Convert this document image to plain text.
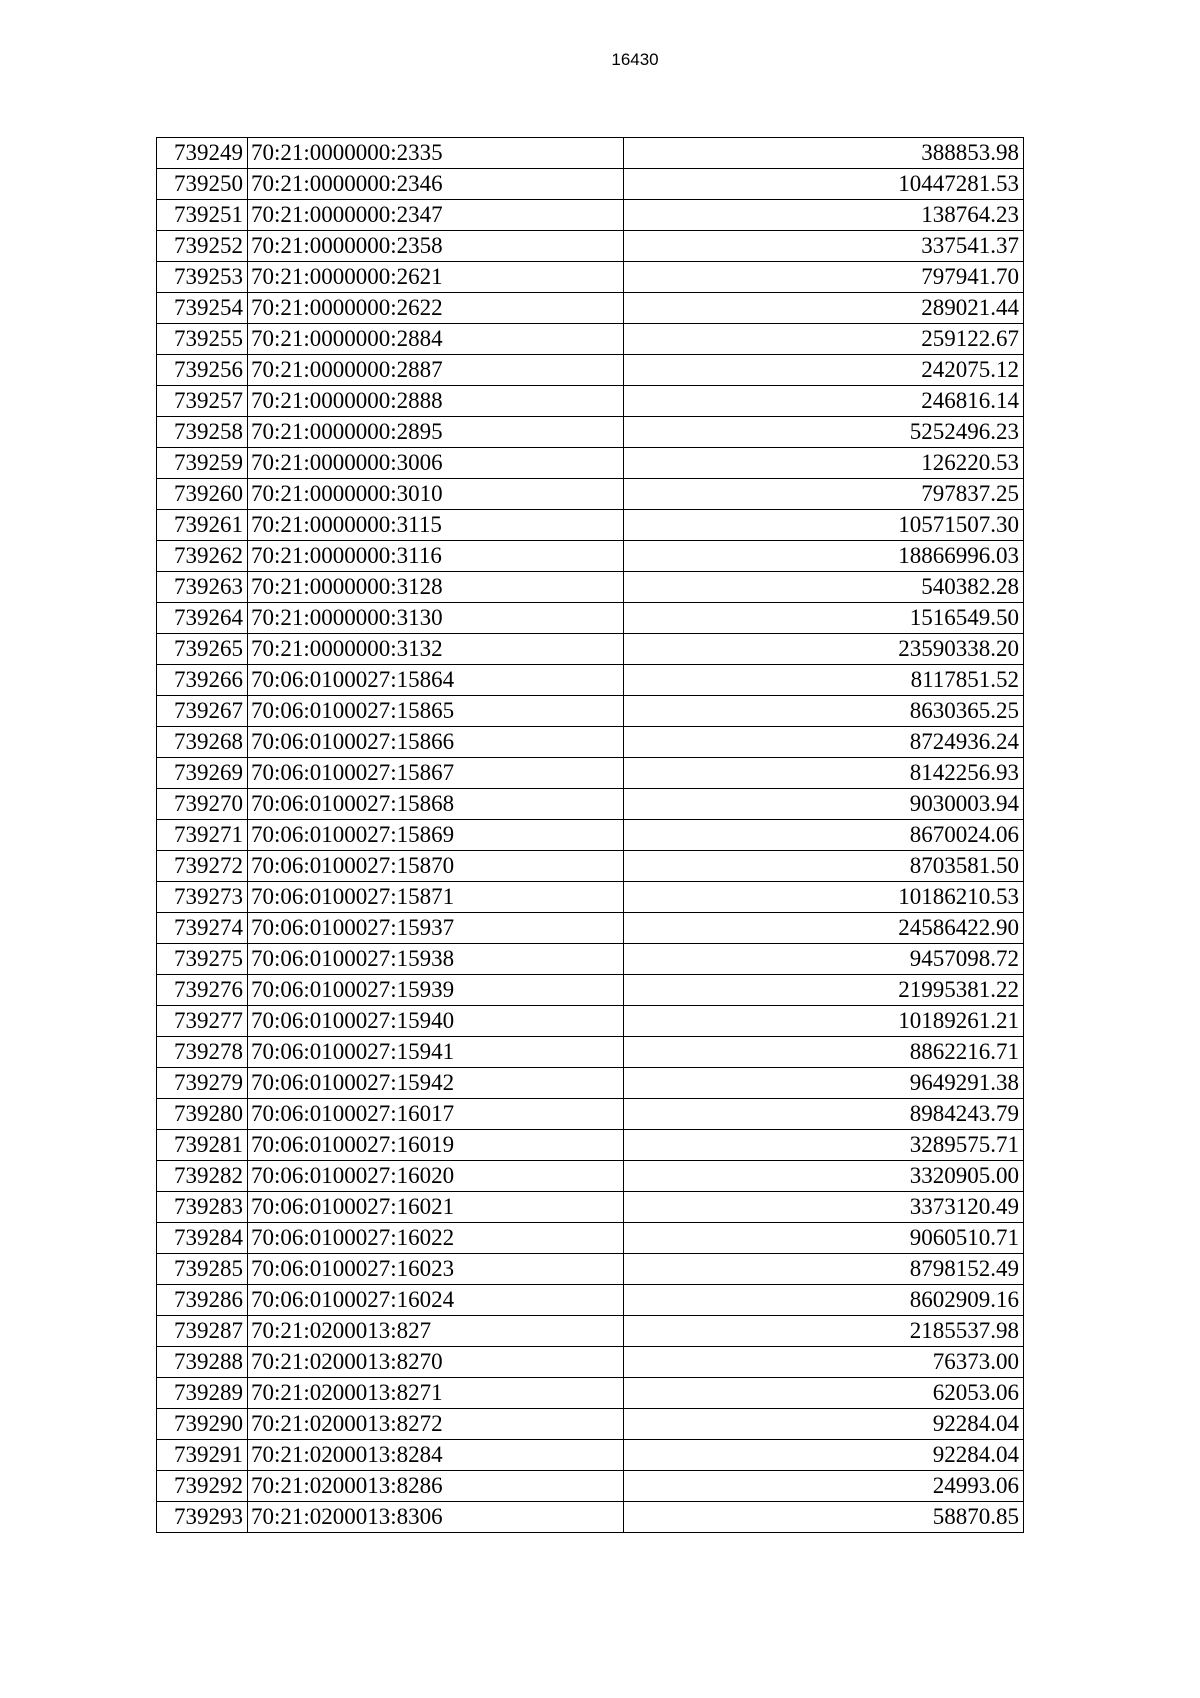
16430
739249	70:21:0000000:2335	388853.98
739250	70:21:0000000:2346	10447281.53
739251	70:21:0000000:2347	138764.23
739252	70:21:0000000:2358	337541.37
739253	70:21:0000000:2621	797941.70
739254	70:21:0000000:2622	289021.44
739255	70:21:0000000:2884	259122.67
739256	70:21:0000000:2887	242075.12
739257	70:21:0000000:2888	246816.14
739258	70:21:0000000:2895	5252496.23
739259	70:21:0000000:3006	126220.53
739260	70:21:0000000:3010	797837.25
739261	70:21:0000000:3115	10571507.30
739262	70:21:0000000:3116	18866996.03
739263	70:21:0000000:3128	540382.28
739264	70:21:0000000:3130	1516549.50
739265	70:21:0000000:3132	23590338.20
739266	70:06:0100027:15864	8117851.52
739267	70:06:0100027:15865	8630365.25
739268	70:06:0100027:15866	8724936.24
739269	70:06:0100027:15867	8142256.93
739270	70:06:0100027:15868	9030003.94
739271	70:06:0100027:15869	8670024.06
739272	70:06:0100027:15870	8703581.50
739273	70:06:0100027:15871	10186210.53
739274	70:06:0100027:15937	24586422.90
739275	70:06:0100027:15938	9457098.72
739276	70:06:0100027:15939	21995381.22
739277	70:06:0100027:15940	10189261.21
739278	70:06:0100027:15941	8862216.71
739279	70:06:0100027:15942	9649291.38
739280	70:06:0100027:16017	8984243.79
739281	70:06:0100027:16019	3289575.71
739282	70:06:0100027:16020	3320905.00
739283	70:06:0100027:16021	3373120.49
739284	70:06:0100027:16022	9060510.71
739285	70:06:0100027:16023	8798152.49
739286	70:06:0100027:16024	8602909.16
739287	70:21:0200013:827	2185537.98
739288	70:21:0200013:8270	76373.00
739289	70:21:0200013:8271	62053.06
739290	70:21:0200013:8272	92284.04
739291	70:21:0200013:8284	92284.04
739292	70:21:0200013:8286	24993.06
739293	70:21:0200013:8306	58870.85
